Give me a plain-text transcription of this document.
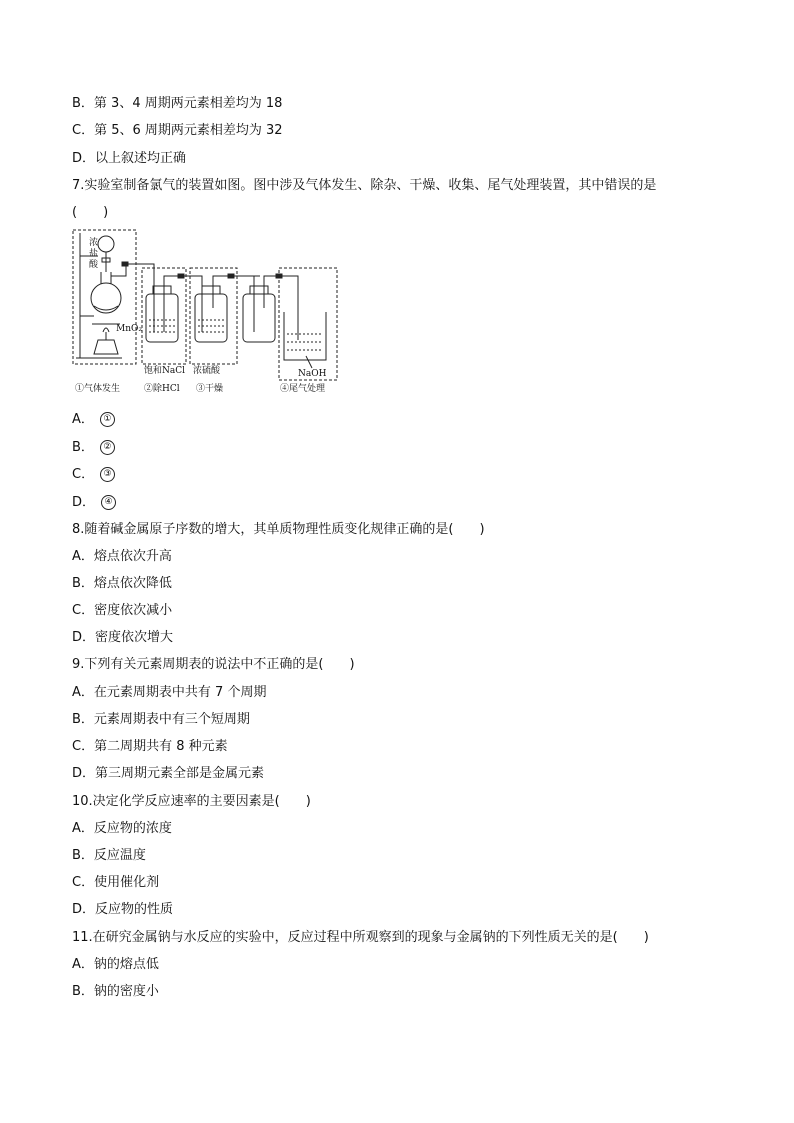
B．第 3、4 周期两元素相差均为 18
C．第 5、6 周期两元素相差均为 32
D．以上叙述均正确
7.实验室制备氯气的装置如图。图中涉及气体发生、除杂、干燥、收集、尾气处理装置，其中错误的是
(　　)
浓
盐
酸
MnO₂
饱和NaCl 浓硫酸	NaOH
①气体发生	②除HCl ③干燥	④尾气处理
A． ①
B． ②
C． ③
D． ④
8.随着碱金属原子序数的增大，其单质物理性质变化规律正确的是(　　)
A．熔点依次升高
B．熔点依次降低
C．密度依次减小
D．密度依次增大
9.下列有关元素周期表的说法中不正确的是(　　)
A．在元素周期表中共有 7 个周期
B．元素周期表中有三个短周期
C．第二周期共有 8 种元素
D．第三周期元素全部是金属元素
10.决定化学反应速率的主要因素是(　　)
A．反应物的浓度
B．反应温度
C．使用催化剂
D．反应物的性质
11.在研究金属钠与水反应的实验中，反应过程中所观察到的现象与金属钠的下列性质无关的是(　　)
A．钠的熔点低
B．钠的密度小
